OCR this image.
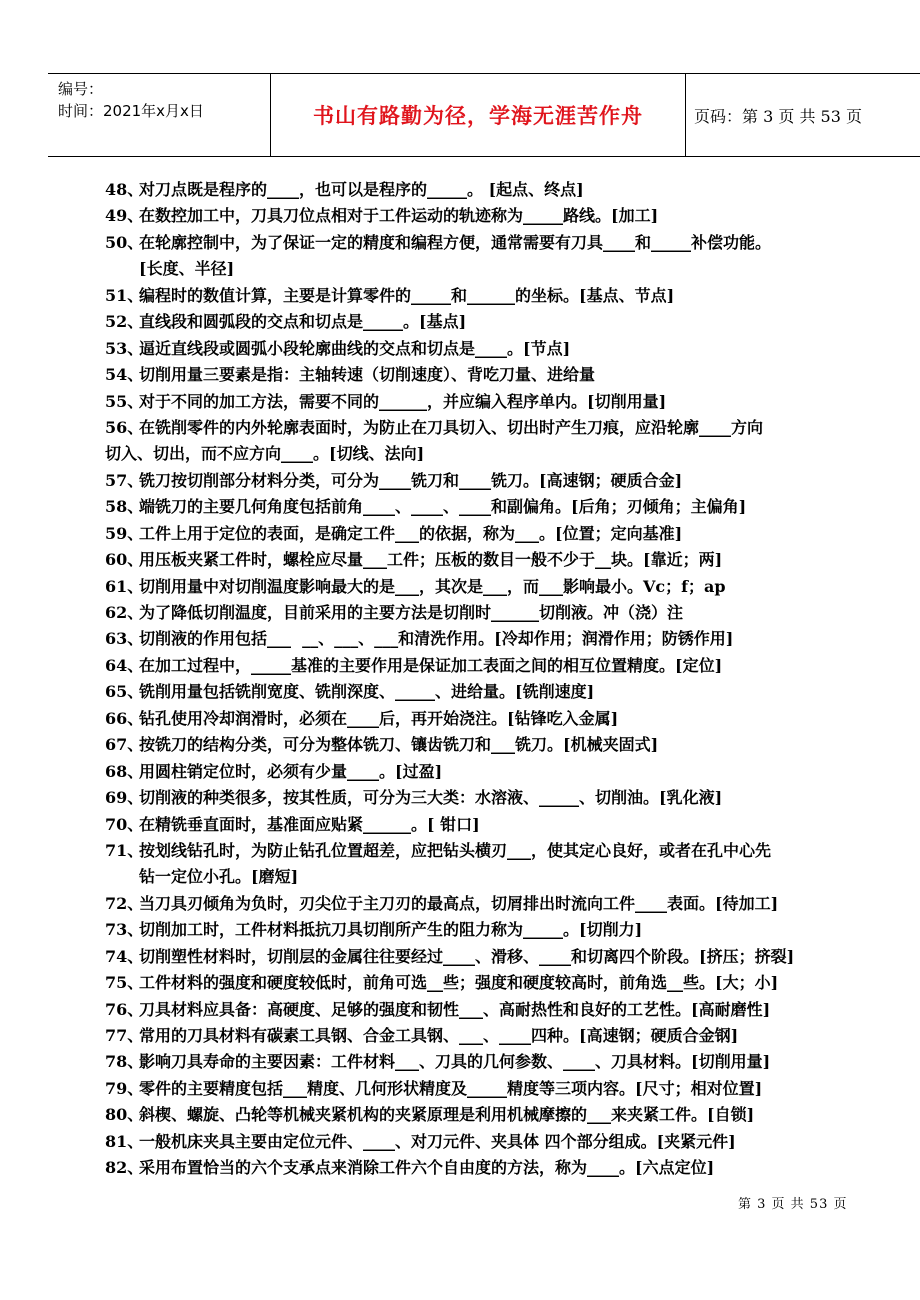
编号：
时间：2021年x月x日	书山有路勤为径，学海无涯苦作舟	页码：第 3 页 共 53 页
48、
对刀点既是程序的____，也可以是程序的_____。 [起点、终点]
49、
在数控加工中，刀具刀位点相对于工件运动的轨迹称为_____路线。[加工]
50、
在轮廓控制中，为了保证一定的精度和编程方便，通常需要有刀具____和_____补偿功能。
[长度、半径]
51、
编程时的数值计算，主要是计算零件的_____和______的坐标。[基点、节点]
52、
直线段和圆弧段的交点和切点是_____。[基点]
53、
逼近直线段或圆弧小段轮廓曲线的交点和切点是____。[节点]
54、
切削用量三要素是指：主轴转速（切削速度）、背吃刀量、进给量
55、
对于不同的加工方法，需要不同的______，并应编入程序单内。[切削用量]
56、
在铣削零件的内外轮廓表面时，为防止在刀具切入、切出时产生刀痕，应沿轮廓____方向
切入、切出，而不应方向____。[切线、法向]
57、
铣刀按切削部分材料分类，可分为____铣刀和____铣刀。[高速钢；硬质合金]
58、
端铣刀的主要几何角度包括前角____、____、____和副偏角。[后角；刃倾角；主偏角]
59、
工件上用于定位的表面，是确定工件___的依据，称为___。[位置；定向基准]
60、
用压板夹紧工件时，螺栓应尽量___工件；压板的数目一般不少于__块。[靠近；两]
61、
切削用量中对切削温度影响最大的是___，其次是___，而___影响最小。Vc；f；ap
62、
为了降低切削温度，目前采用的主要方法是切削时______切削液。冲（浇）注
63、
切削液的作用包括___  __、___、___和清洗作用。[冷却作用；润滑作用；防锈作用]
64、
在加工过程中，_____基准的主要作用是保证加工表面之间的相互位置精度。[定位]
65、
铣削用量包括铣削宽度、铣削深度、_____、进给量。[铣削速度]
66、
钻孔使用冷却润滑时，必须在____后，再开始浇注。[钻锋吃入金属]
67、
按铣刀的结构分类，可分为整体铣刀、镶齿铣刀和___铣刀。[机械夹固式]
68、
用圆柱销定位时，必须有少量____。[过盈]
69、
切削液的种类很多，按其性质，可分为三大类：水溶液、_____、切削油。[乳化液]
70、
在精铣垂直面时，基准面应贴紧______。[ 钳口]
71、
按划线钻孔时，为防止钻孔位置超差，应把钻头横刃___，使其定心良好，或者在孔中心先
钻一定位小孔。[磨短]
72、
当刀具刃倾角为负时，刃尖位于主刀刃的最高点，切屑排出时流向工件____表面。[待加工]
73、
切削加工时，工件材料抵抗刀具切削所产生的阻力称为_____。[切削力]
74、
切削塑性材料时，切削层的金属往往要经过____、滑移、____和切离四个阶段。[挤压；挤裂]
75、
工件材料的强度和硬度较低时，前角可选__些；强度和硬度较高时，前角选__些。[大；小]
76、
刀具材料应具备：高硬度、足够的强度和韧性___、高耐热性和良好的工艺性。[高耐磨性]
77、
常用的刀具材料有碳素工具钢、合金工具钢、___、____四种。[高速钢；硬质合金钢]
78、
影响刀具寿命的主要因素：工件材料___、刀具的几何参数、____、刀具材料。[切削用量]
79、
零件的主要精度包括___精度、几何形状精度及_____精度等三项内容。[尺寸；相对位置]
80、
斜楔、螺旋、凸轮等机械夹紧机构的夹紧原理是利用机械摩擦的___来夹紧工件。[自锁]
81、
一般机床夹具主要由定位元件、____、对刀元件、夹具体 四个部分组成。[夹紧元件]
82、
采用布置恰当的六个支承点来消除工件六个自由度的方法，称为____。[六点定位]
第 3 页 共 53 页
